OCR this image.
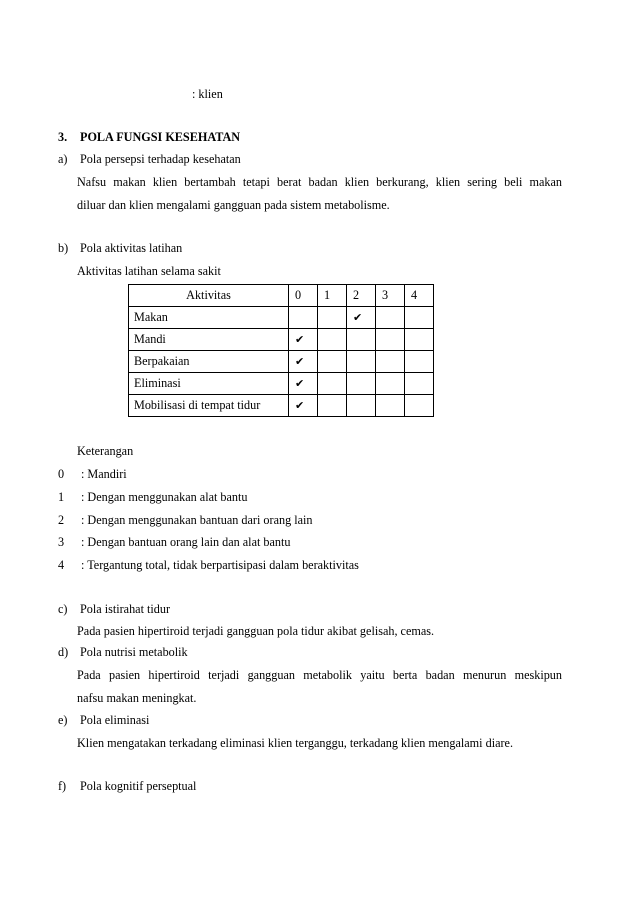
: klien
3. POLA FUNGSI KESEHATAN
a) Pola persepsi terhadap kesehatan
Nafsu makan klien bertambah tetapi berat badan klien berkurang, klien sering beli makan
diluar dan klien mengalami gangguan pada sistem metabolisme.
b) Pola aktivitas latihan
Aktivitas latihan selama sakit
Aktivitas	0	1	2	3	4
Makan			✔		
Mandi	✔				
Berpakaian	✔				
Eliminasi	✔				
Mobilisasi di tempat tidur	✔				
Keterangan
0 : Mandiri
1 : Dengan menggunakan alat bantu
2 : Dengan menggunakan bantuan dari orang lain
3 : Dengan bantuan orang lain dan alat bantu
4 : Tergantung total, tidak berpartisipasi dalam beraktivitas
c) Pola istirahat tidur
Pada pasien hipertiroid terjadi gangguan pola tidur akibat gelisah, cemas.
d) Pola nutrisi metabolik
Pada pasien hipertiroid terjadi gangguan metabolik yaitu berta badan menurun meskipun
nafsu makan meningkat.
e) Pola eliminasi
Klien mengatakan terkadang eliminasi klien terganggu, terkadang klien mengalami diare.
f) Pola kognitif perseptual
